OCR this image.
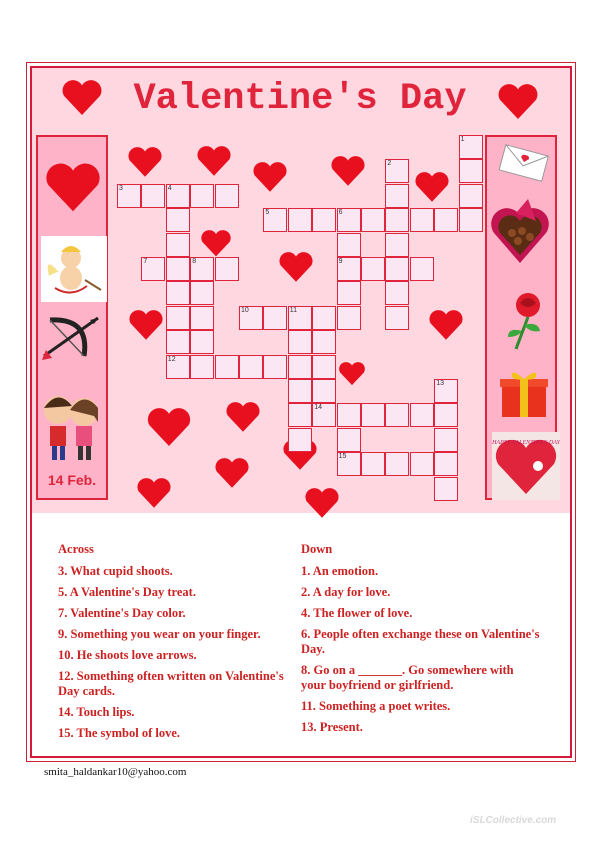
Valentine's Day
14 Feb.
HAPPY VALENTINE'S DAY
1
2
3	4
5	6
7	8	9
10	11
12
13
14
15
Across
3. What cupid shoots.
5. A Valentine's Day treat.
7. Valentine's Day color.
9. Something you wear on your finger.
10. He shoots love arrows.
12. Something often written on Valentine's Day cards.
14. Touch lips.
15. The symbol of love.
Down
1. An emotion.
2. A day for love.
4. The flower of love.
6. People often exchange these on Valentine's Day.
8. Go on a _______. Go somewhere with your boyfriend or girlfriend.
11. Something a poet writes.
13. Present.
smita_haldankar10@yahoo.com
iSLCollective.com
